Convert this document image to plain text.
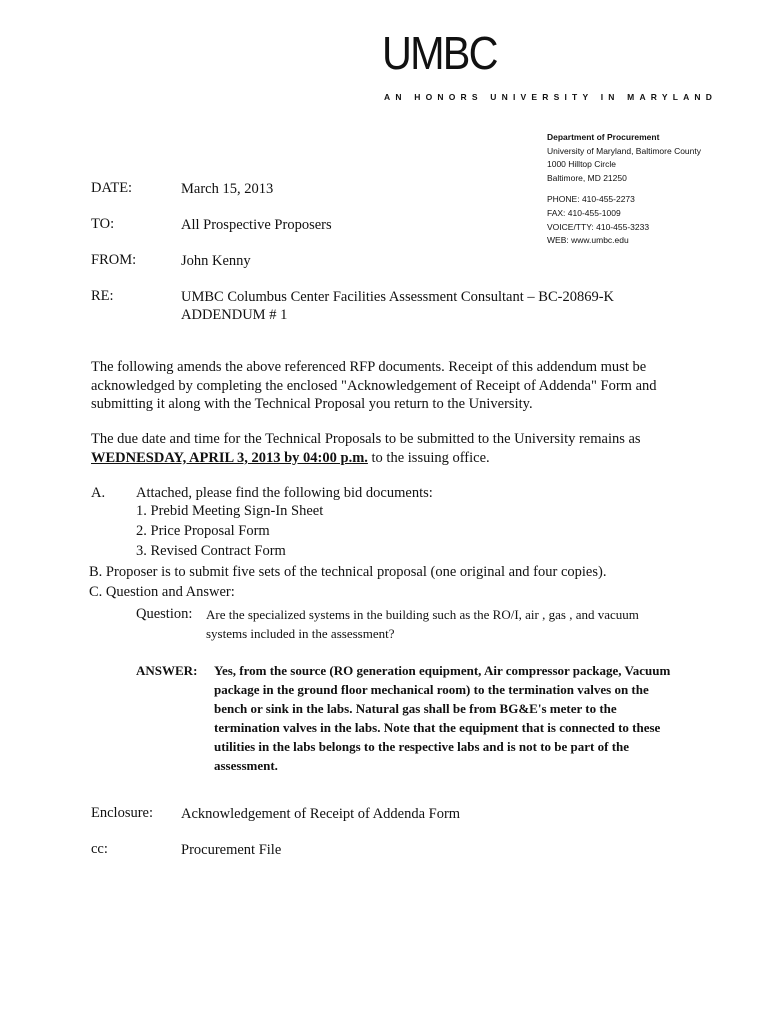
UMBC
AN HONORS UNIVERSITY IN MARYLAND
Department of Procurement
University of Maryland, Baltimore County
1000 Hilltop Circle
Baltimore, MD 21250
PHONE: 410-455-2273
FAX: 410-455-1009
VOICE/TTY: 410-455-3233
WEB: www.umbc.edu
DATE:	March 15, 2013
TO:	All Prospective Proposers
FROM:	John Kenny
RE:	UMBC Columbus Center Facilities Assessment Consultant – BC-20869-K
ADDENDUM # 1
The following amends the above referenced RFP documents. Receipt of this addendum must be acknowledged by completing the enclosed "Acknowledgement of Receipt of Addenda" Form and submitting it along with the Technical Proposal you return to the University.
The due date and time for the Technical Proposals to be submitted to the University remains as WEDNESDAY, APRIL 3, 2013 by 04:00 p.m. to the issuing office.
A. Attached, please find the following bid documents:
1. Prebid Meeting Sign-In Sheet
2. Price Proposal Form
3. Revised Contract Form
B. Proposer is to submit five sets of the technical proposal (one original and four copies).
C. Question and Answer:
Question: Are the specialized systems in the building such as the RO/I, air , gas , and vacuum
systems included in the assessment?
ANSWER: Yes, from the source (RO generation equipment, Air compressor package, Vacuum package in the ground floor mechanical room) to the termination valves on the bench or sink in the labs. Natural gas shall be from BG&E's meter to the termination valves in the labs. Note that the equipment that is connected to these utilities in the labs belongs to the respective labs and is not to be part of the assessment.
Enclosure: Acknowledgement of Receipt of Addenda Form
cc:	Procurement File
